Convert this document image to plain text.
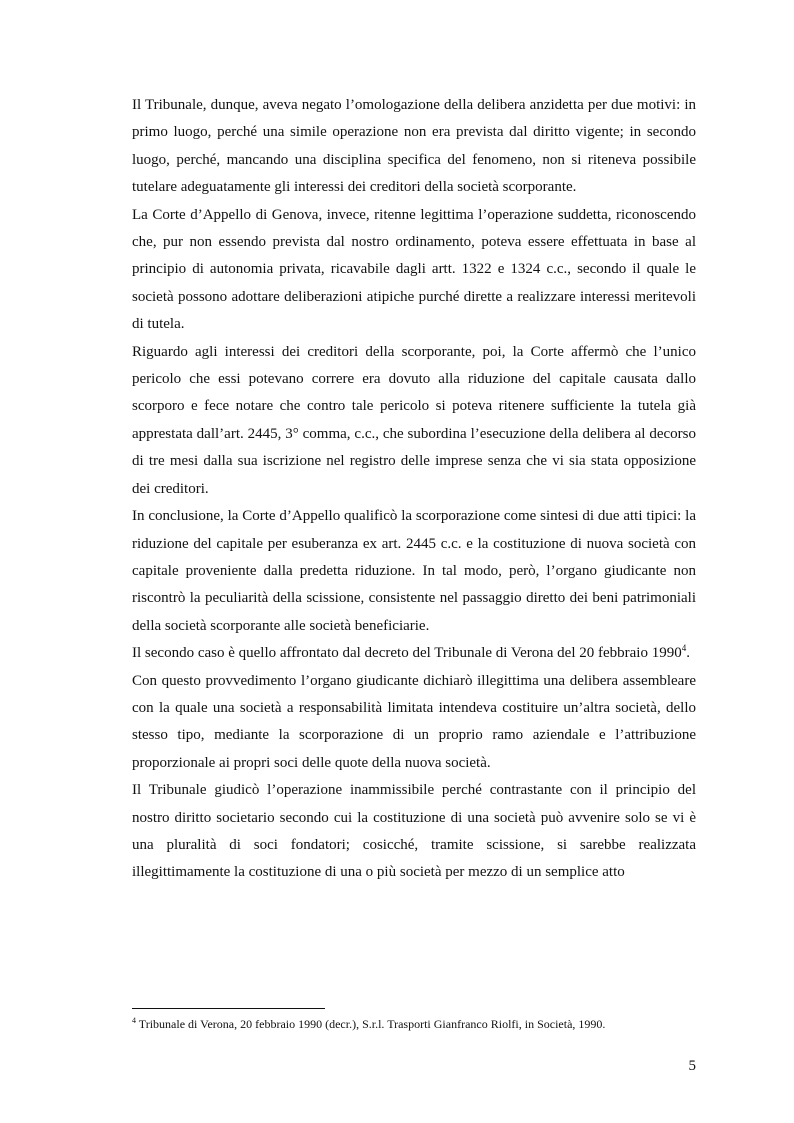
Il Tribunale, dunque, aveva negato l’omologazione della delibera anzidetta per due motivi: in primo luogo, perché una simile operazione non era prevista dal diritto vigente; in secondo luogo, perché, mancando una disciplina specifica del fenomeno, non si riteneva possibile tutelare adeguatamente gli interessi dei creditori della società scorporante.

La Corte d’Appello di Genova, invece, ritenne legittima l’operazione suddetta, riconoscendo che, pur non essendo prevista dal nostro ordinamento, poteva essere effettuata in base al principio di autonomia privata, ricavabile dagli artt. 1322 e 1324 c.c., secondo il quale le società possono adottare deliberazioni atipiche purché dirette a realizzare interessi meritevoli di tutela.

Riguardo agli interessi dei creditori della scorporante, poi, la Corte affermò che l’unico pericolo che essi potevano correre era dovuto alla riduzione del capitale causata dallo scorporo e fece notare che contro tale pericolo si poteva ritenere sufficiente la tutela già apprestata dall’art. 2445, 3° comma, c.c., che subordina l’esecuzione della delibera al decorso di tre mesi dalla sua iscrizione nel registro delle imprese senza che vi sia stata opposizione dei creditori.

In conclusione, la Corte d’Appello qualificò la scorporazione come sintesi di due atti tipici: la riduzione del capitale per esuberanza ex art. 2445 c.c. e la costituzione di nuova società con capitale proveniente dalla predetta riduzione. In tal modo, però, l’organo giudicante non riscontrò la peculiarità della scissione, consistente nel passaggio diretto dei beni patrimoniali della società scorporante alle società beneficiarie.

Il secondo caso è quello affrontato dal decreto del Tribunale di Verona del 20 febbraio 1990$^4$.

Con questo provvedimento l’organo giudicante dichiarò illegittima una delibera assembleare con la quale una società a responsabilità limitata intendeva costituire un’altra società, dello stesso tipo, mediante la scorporazione di un proprio ramo aziendale e l’attribuzione proporzionale ai propri soci delle quote della nuova società.

Il Tribunale giudicò l’operazione inammissibile perché contrastante con il principio del nostro diritto societario secondo cui la costituzione di una società può avvenire solo se vi è una pluralità di soci fondatori; cosicché, tramite scissione, si sarebbe realizzata illegittimamente la costituzione di una o più società per mezzo di un semplice atto

$^4$ Tribunale di Verona, 20 febbraio 1990 (decr.), S.r.l. Trasporti Gianfranco Riolfi, in Società, 1990.

5
